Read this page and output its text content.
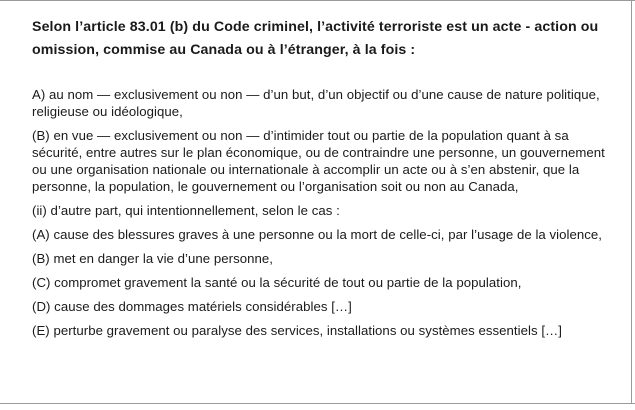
Selon l’article 83.01 (b) du Code criminel, l’activité terroriste est un acte - action ou omission, commise au Canada ou à l’étranger, à la fois :

A) au nom — exclusivement ou non — d’un but, d’un objectif ou d’une cause de nature politique, religieuse ou idéologique,

(B) en vue — exclusivement ou non — d’intimider tout ou partie de la population quant à sa sécurité, entre autres sur le plan économique, ou de contraindre une personne, un gouvernement ou une organisation nationale ou internationale à accomplir un acte ou à s’en abstenir, que la personne, la population, le gouvernement ou l’organisation soit ou non au Canada,

(ii) d’autre part, qui intentionnellement, selon le cas :

(A) cause des blessures graves à une personne ou la mort de celle-ci, par l’usage de la violence,

(B) met en danger la vie d’une personne,

(C) compromet gravement la santé ou la sécurité de tout ou partie de la population,

(D) cause des dommages matériels considérables […]

(E) perturbe gravement ou paralyse des services, installations ou systèmes essentiels […]
